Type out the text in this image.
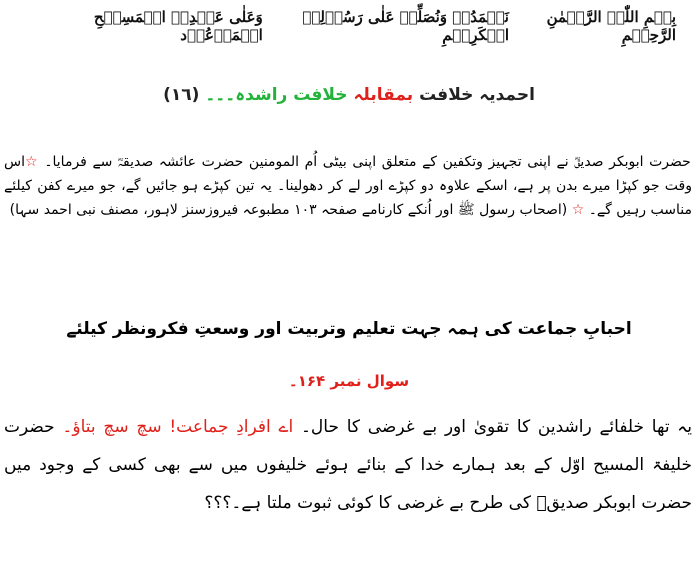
بِسۡمِ اللّٰہِ الرَّحۡمٰنِ الرَّحِیۡمِ
نَحۡمَدُہٗ وَنُصَلِّیۡ عَلٰی رَسُوۡلِہِ الۡکَرِیۡمِ
وَعَلٰی عَبۡدِہِ الۡمَسِیۡحِ الۡمَوۡعُوۡد
احمدیہ خلافت بمقابلہ خلافت راشدہ۔۔۔ (١٦)
حضرت ابوبکر صدیقؓ نے اپنی تجہیز وتکفین کے متعلق اپنی بیٹی اُم المومنین حضرت عائشہ صدیقہؓ سے فرمایا۔ ☆اس وقت جو کپڑا میرے بدن پر ہے، اسکے علاوہ دو کپڑے اور لے کر دھولینا۔ یہ تین کپڑے ہو جائیں گے، جو میرے کفن کیلئے مناسب رہیں گے۔ ☆ (اصحاب رسول ﷺ اور اُنکے کارنامے صفحہ ۱۰۳ مطبوعہ فیروزسنز لاہور، مصنف نبی احمد سہا)
احبابِ جماعت کی ہمہ جہت تعلیم وتربیت اور وسعتِ فکرونظر کیلئے
سوال نمبر ۱۶۴۔
یہ تھا خلفائے راشدین کا تقویٰ اور بے غرضی کا حال۔ اے افرادِ جماعت! سچ سچ بتاؤ۔ حضرت خلیفۃ المسیح اوّل کے بعد ہمارے خدا کے بنائے ہوئے خلیفوں میں سے بھی کسی کے وجود میں حضرت ابوبکر صدیقؓ کی طرح بے غرضی کا کوئی ثبوت ملتا ہے۔؟؟؟
